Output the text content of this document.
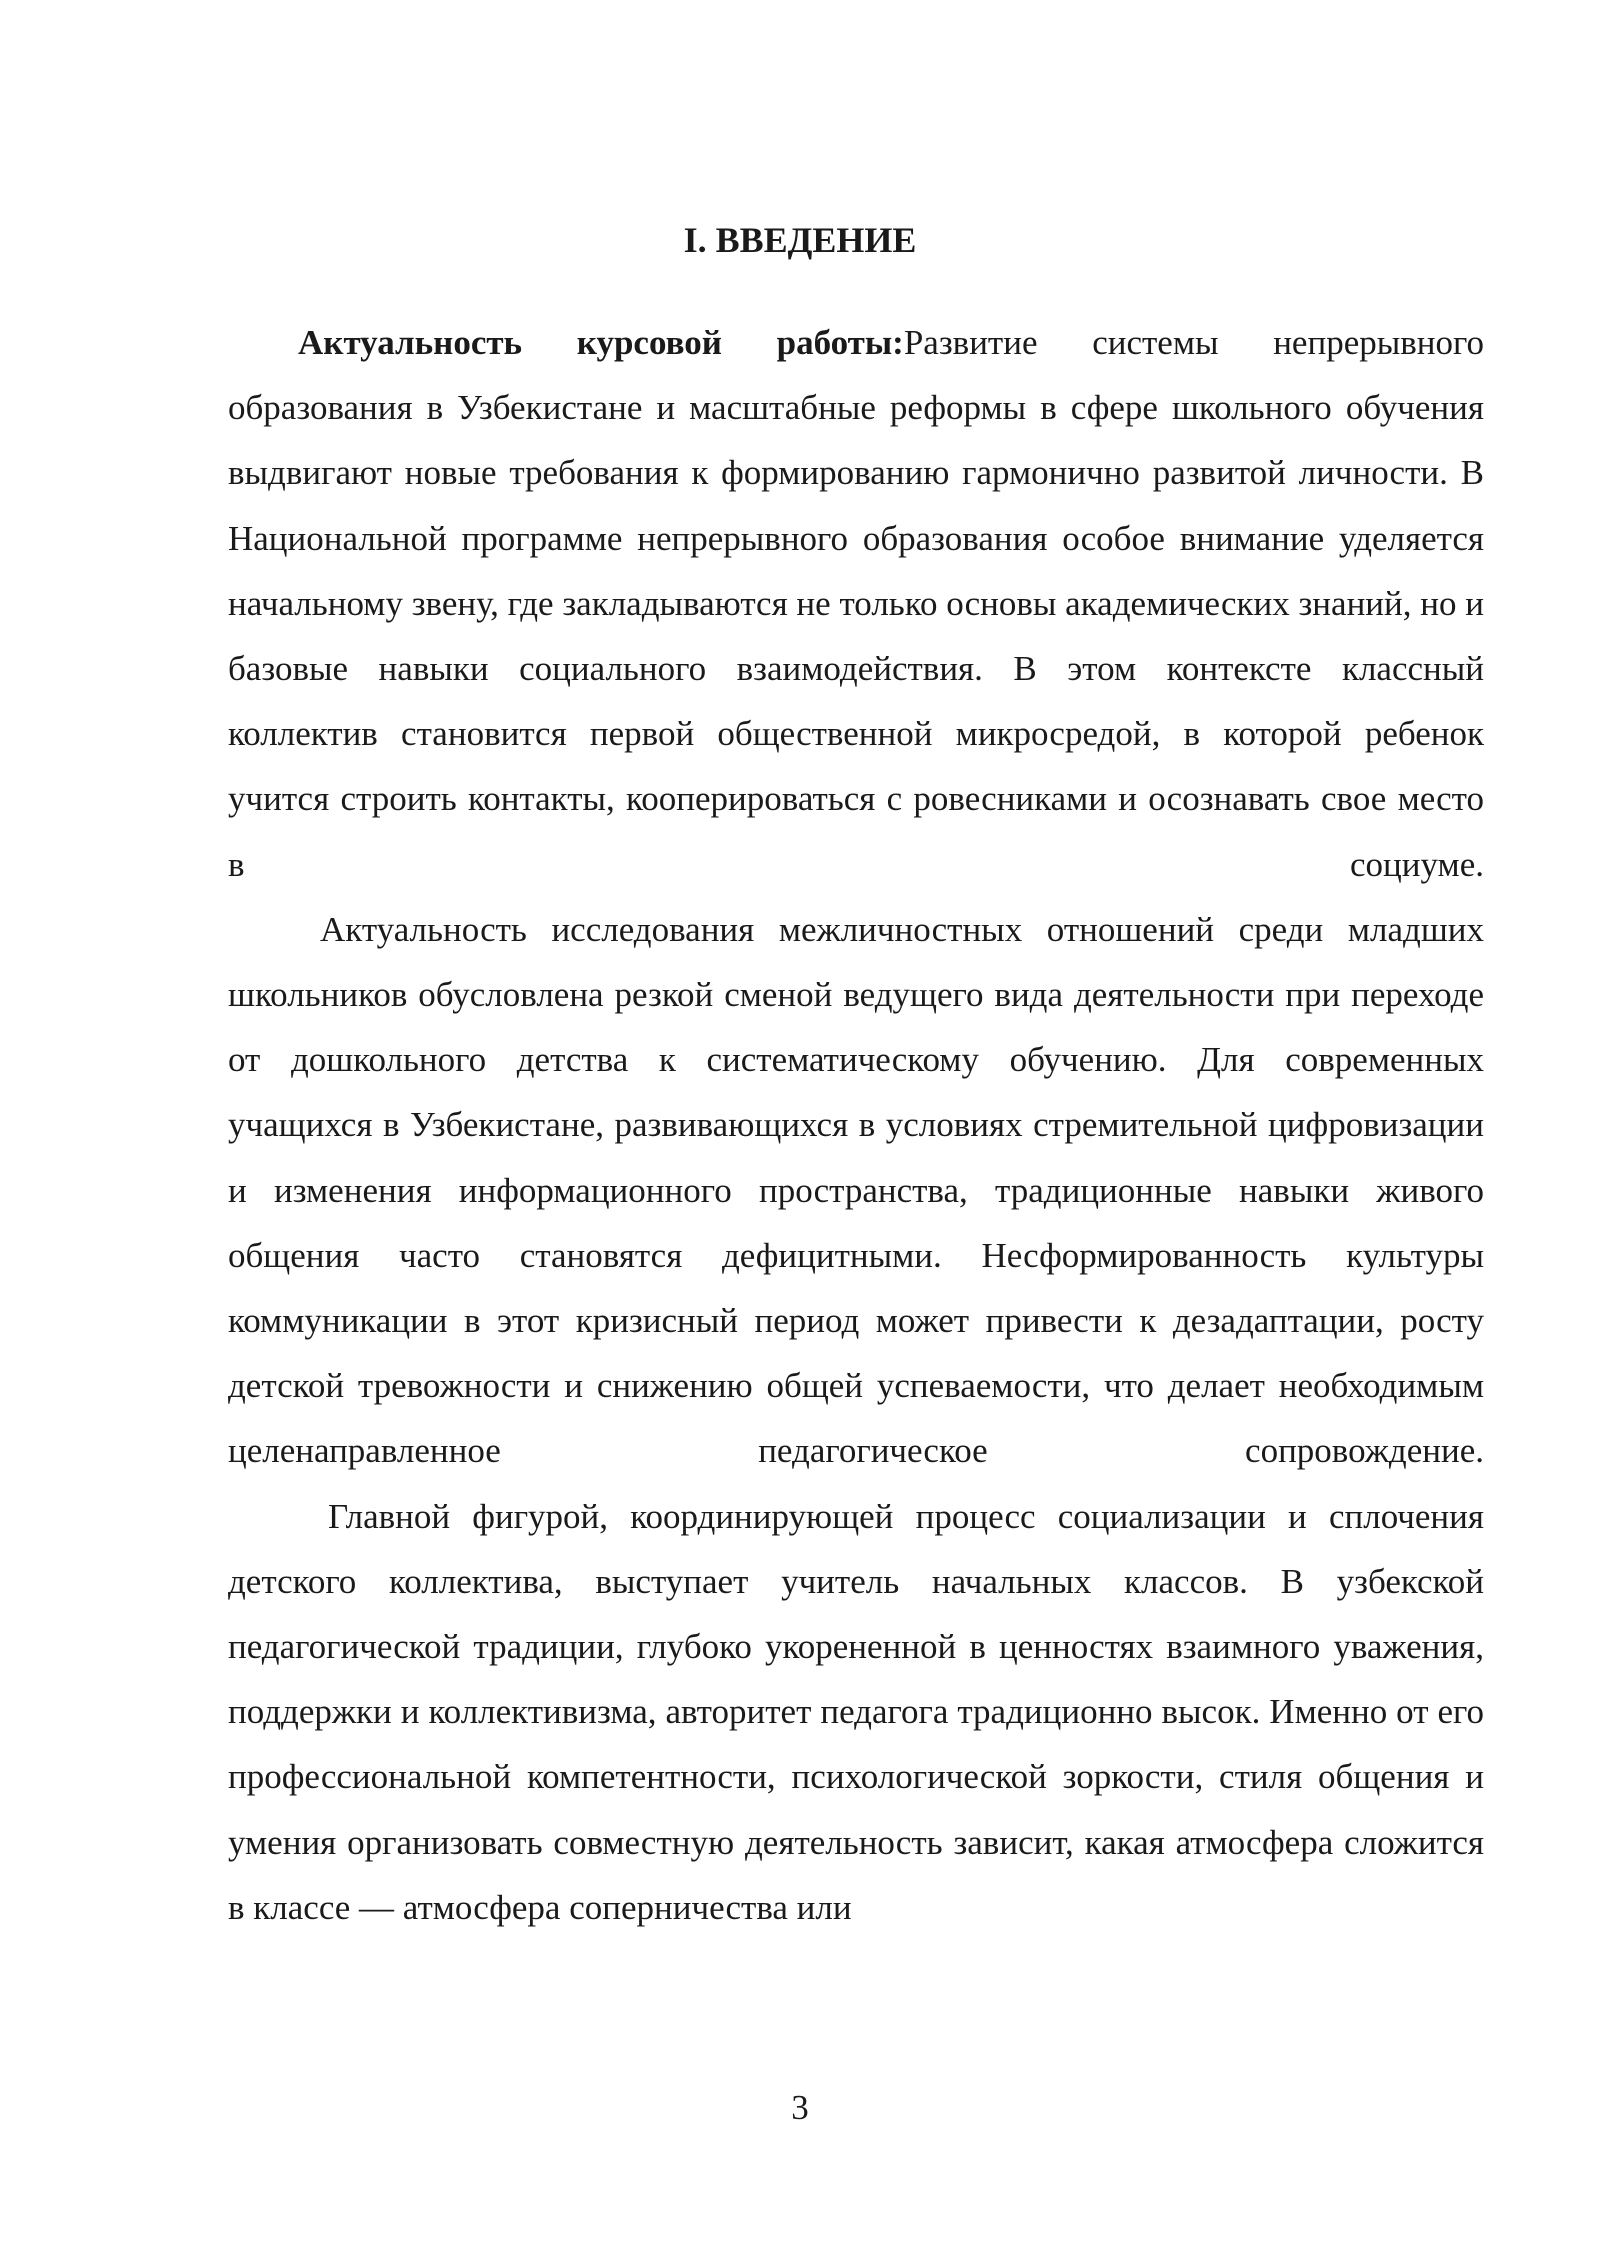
I. ВВЕДЕНИЕ

Актуальность курсовой работы:Развитие системы непрерывного образования в Узбекистане и масштабные реформы в сфере школьного обучения выдвигают новые требования к формированию гармонично развитой личности. В Национальной программе непрерывного образования особое внимание уделяется начальному звену, где закладываются не только основы академических знаний, но и базовые навыки социального взаимодействия. В этом контексте классный коллектив становится первой общественной микросредой, в которой ребенок учится строить контакты, кооперироваться с ровесниками и осознавать свое место в социуме.

Актуальность исследования межличностных отношений среди младших школьников обусловлена резкой сменой ведущего вида деятельности при переходе от дошкольного детства к систематическому обучению. Для современных учащихся в Узбекистане, развивающихся в условиях стремительной цифровизации и изменения информационного пространства, традиционные навыки живого общения часто становятся дефицитными. Несформированность культуры коммуникации в этот кризисный период может привести к дезадаптации, росту детской тревожности и снижению общей успеваемости, что делает необходимым целенаправленное педагогическое сопровождение.

Главной фигурой, координирующей процесс социализации и сплочения детского коллектива, выступает учитель начальных классов. В узбекской педагогической традиции, глубоко укорененной в ценностях взаимного уважения, поддержки и коллективизма, авторитет педагога традиционно высок. Именно от его профессиональной компетентности, психологической зоркости, стиля общения и умения организовать совместную деятельность зависит, какая атмосфера сложится в классе — атмосфера соперничества или

3
